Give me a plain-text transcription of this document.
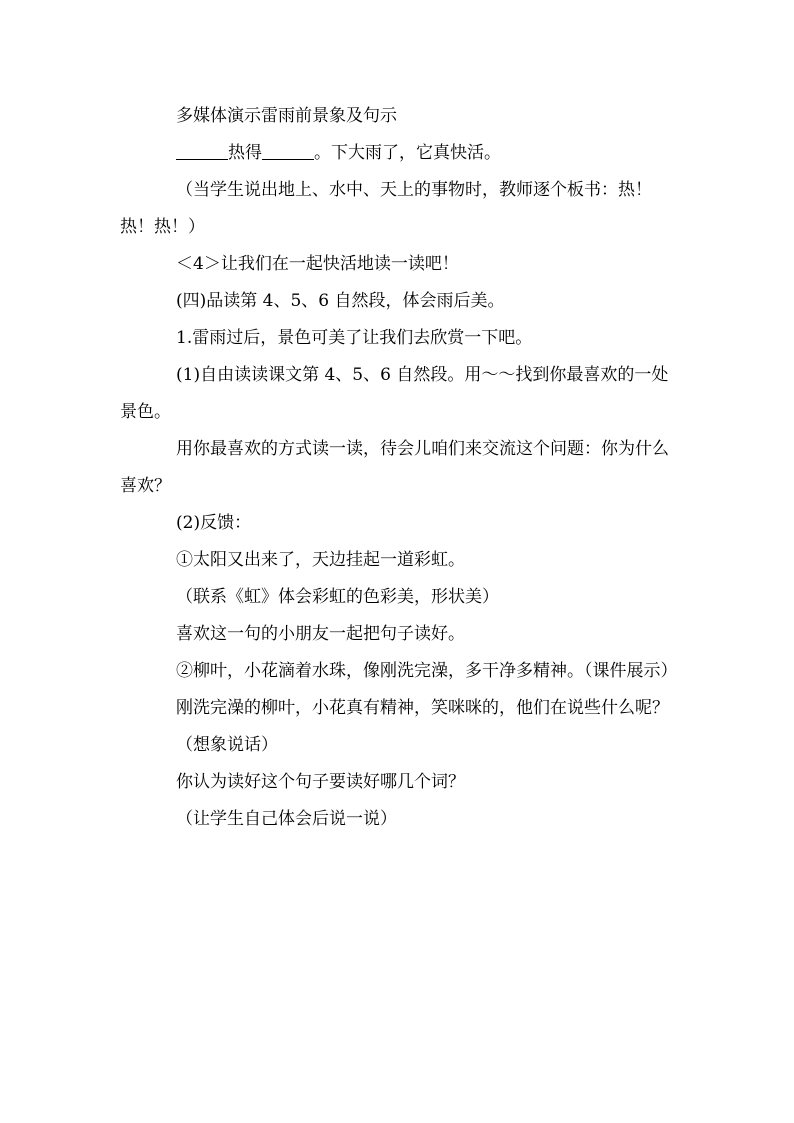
多媒体演示雷雨前景象及句示

热得	。下大雨了，它真快活。

（当学生说出地上、水中、天上的事物时，教师逐个板书：热！热！热！）

＜4＞让我们在一起快活地读一读吧！

(四)品读第 4、5、6 自然段，体会雨后美。

1.雷雨过后，景色可美了让我们去欣赏一下吧。

(1)自由读读课文第 4、5、6 自然段。用～～找到你最喜欢的一处景色。

用你最喜欢的方式读一读，待会儿咱们来交流这个问题：你为什么喜欢？

(2)反馈：

①太阳又出来了，天边挂起一道彩虹。

（联系《虹》体会彩虹的色彩美，形状美）

喜欢这一句的小朋友一起把句子读好。

②柳叶，小花滴着水珠，像刚洗完澡，多干净多精神。（课件展示）

刚洗完澡的柳叶，小花真有精神，笑咪咪的，他们在说些什么呢？

（想象说话）

你认为读好这个句子要读好哪几个词？

（让学生自己体会后说一说）
